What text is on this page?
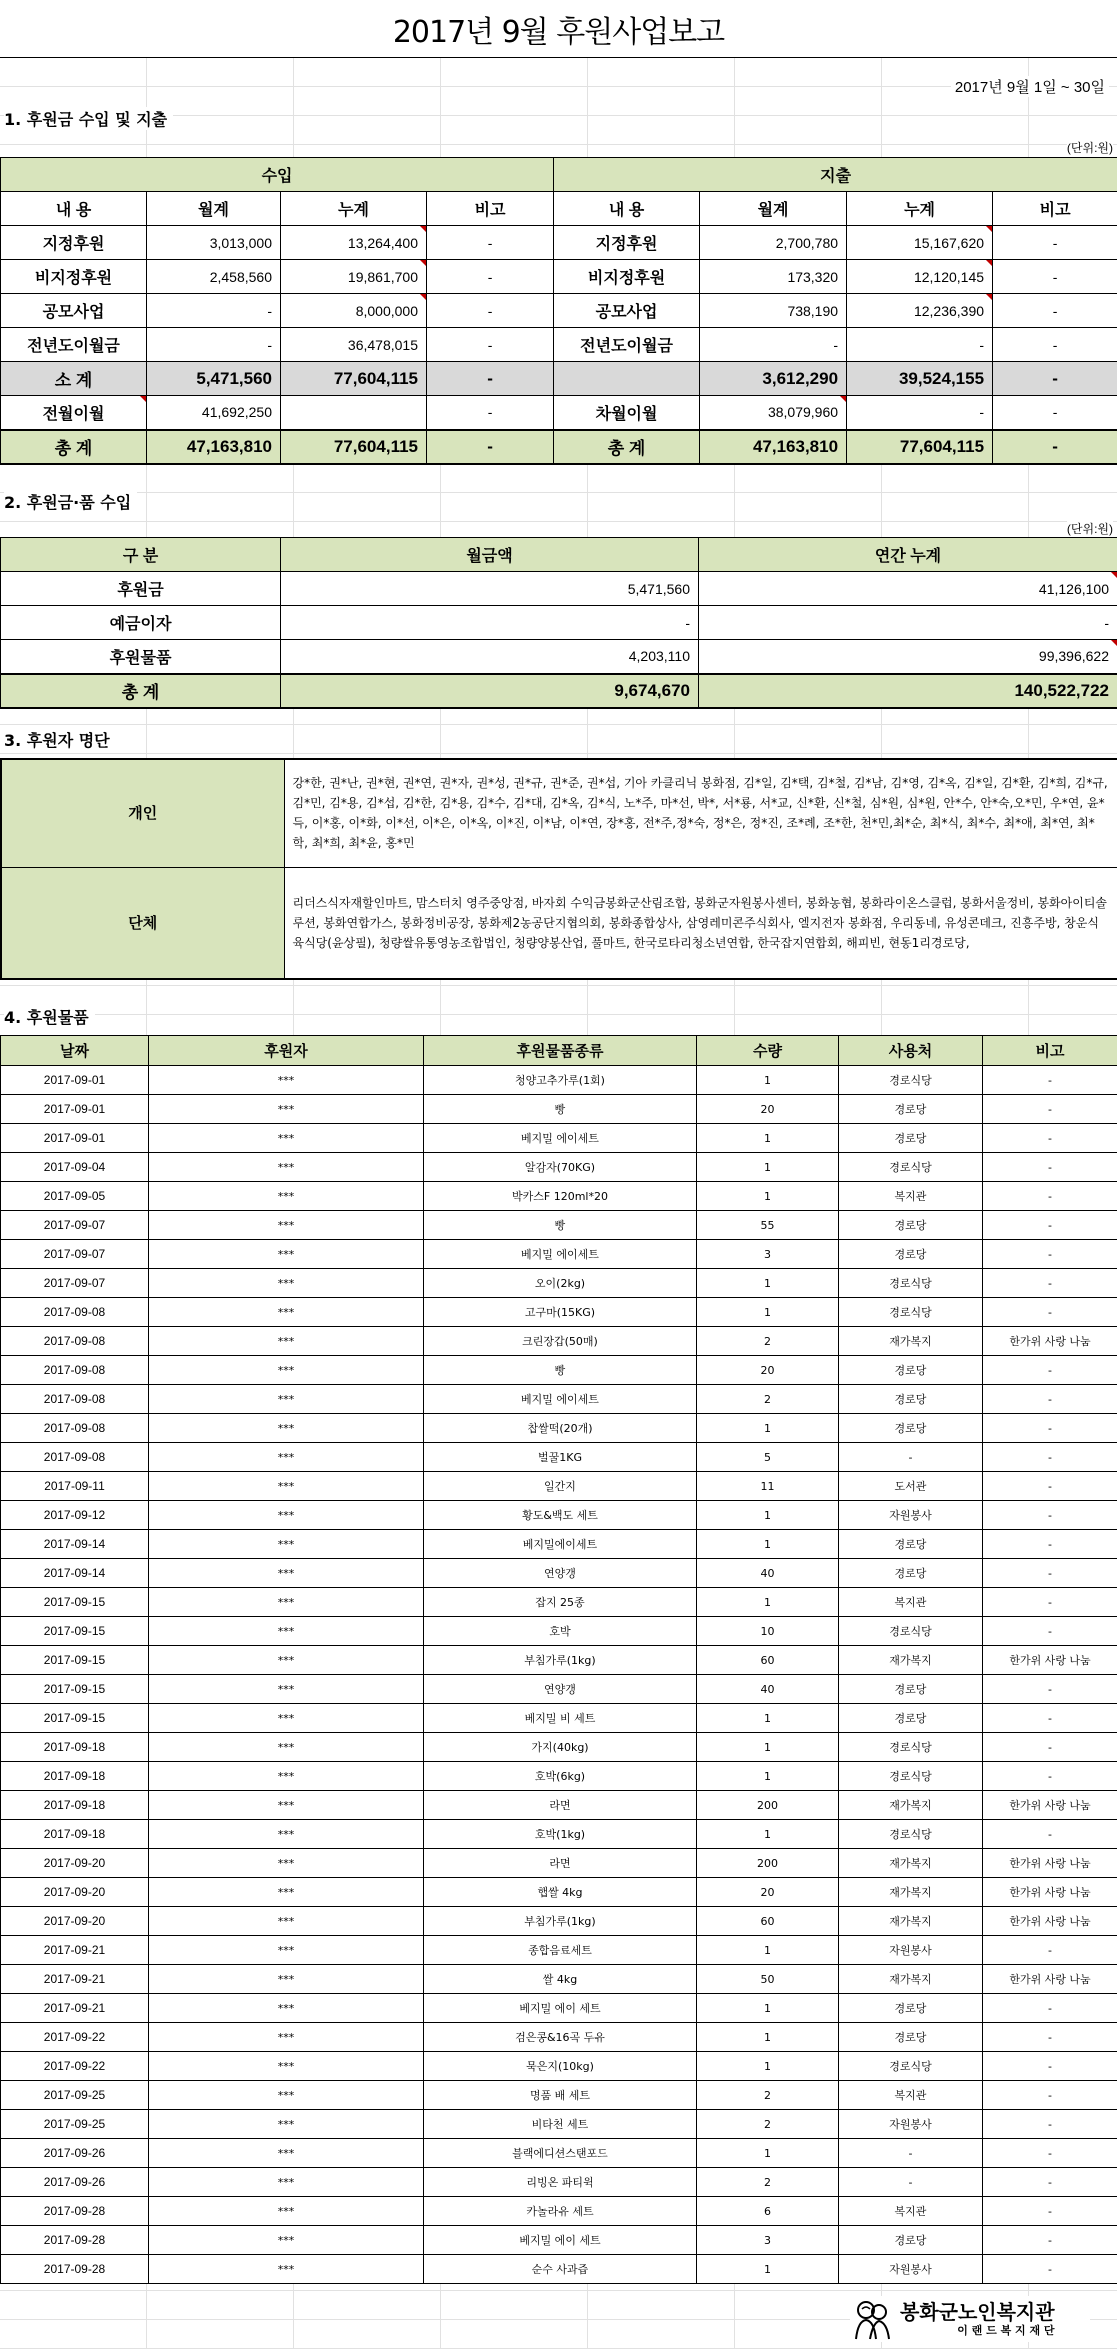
2017년 9월 후원사업보고
2017년 9월 1일 ~ 30일
1. 후원금 수입 및 지출
(단위:원)
수입				지출			
내 용	월계	누계	비고	내 용	월계	누계	비고
지정후원	3,013,000	13,264,400	-	지정후원	2,700,780	15,167,620	-
비지정후원	2,458,560	19,861,700	-	비지정후원	173,320	12,120,145	-
공모사업	-	8,000,000	-	공모사업	738,190	12,236,390	-
전년도이월금	-	36,478,015	-	전년도이월금	-	-	-
소 계	5,471,560	77,604,115	-		3,612,290	39,524,155	-
전월이월	41,692,250		-	차월이월	38,079,960	-	-
총 계	47,163,810	77,604,115	-	총 계	47,163,810	77,604,115	-
2. 후원금·품 수입
(단위:원)
구 분	월금액	연간 누계
후원금	5,471,560	41,126,100
예금이자	-	-
후원물품	4,203,110	99,396,622
총 계	9,674,670	140,522,722
3. 후원자 명단
개인	강*한, 권*난, 권*현, 권*연, 권*자, 권*성, 권*규, 권*준, 권*섭, 기아 카클리닉 봉화점, 김*일, 김*택, 김*철, 김*남, 김*영, 김*옥, 김*일, 김*환, 김*희, 김*규, 김*민, 김*용, 김*섭, 김*한, 김*용, 김*수, 김*대, 김*옥, 김*식, 노*주, 마*선, 박*, 서*룡, 서*교, 신*환, 신*철, 심*원, 심*원, 안*수, 안*숙,오*민, 우*연, 윤*득, 이*홍, 이*화, 이*선, 이*은, 이*옥, 이*진, 이*남, 이*연, 장*홍, 전*주,정*숙, 정*은, 정*진, 조*례, 조*한, 천*민,최*순, 최*식, 최*수, 최*애, 최*연, 최*학, 최*희, 최*윤, 홍*민
단체	리더스식자재할인마트, 맘스터치 영주중앙점, 바자회 수익금봉화군산림조합, 봉화군자원봉사센터, 봉화농협, 봉화라이온스클럽, 봉화서울정비, 봉화아이티솔루션, 봉화연합가스, 봉화정비공장, 봉화제2농공단지협의회, 봉화종합상사, 삼영레미콘주식회사, 엘지전자 봉화점, 우리동네, 유성콘데크, 진흥주방, 창운식육식당(윤상필), 청량쌀유통영농조합법인, 청량양봉산업, 풀마트, 한국로타리청소년연합, 한국잡지연합회, 해피빈, 현동1리경로당,
4. 후원물품
날짜	후원자	후원물품종류	수량	사용처	비고
2017-09-01	***	청양고추가루(1회)	1	경로식당	-
2017-09-01	***	빵	20	경로당	-
2017-09-01	***	베지밀 에이세트	1	경로당	-
2017-09-04	***	알감자(70KG)	1	경로식당	-
2017-09-05	***	박카스F 120ml*20	1	복지관	-
2017-09-07	***	빵	55	경로당	-
2017-09-07	***	베지밀 에이세트	3	경로당	-
2017-09-07	***	오이(2kg)	1	경로식당	-
2017-09-08	***	고구마(15KG)	1	경로식당	-
2017-09-08	***	크린장갑(50매)	2	재가복지	한가위 사랑 나눔
2017-09-08	***	빵	20	경로당	-
2017-09-08	***	베지밀 에이세트	2	경로당	-
2017-09-08	***	찹쌀떡(20개)	1	경로당	-
2017-09-08	***	벌꿀1KG	5	-	-
2017-09-11	***	일간지	11	도서관	-
2017-09-12	***	황도&백도 세트	1	자원봉사	-
2017-09-14	***	베지밀에이세트	1	경로당	-
2017-09-14	***	연양갱	40	경로당	-
2017-09-15	***	잡지 25종	1	복지관	-
2017-09-15	***	호박	10	경로식당	-
2017-09-15	***	부침가루(1kg)	60	재가복지	한가위 사랑 나눔
2017-09-15	***	연양갱	40	경로당	-
2017-09-15	***	베지밀 비 세트	1	경로당	-
2017-09-18	***	가지(40kg)	1	경로식당	-
2017-09-18	***	호박(6kg)	1	경로식당	-
2017-09-18	***	라면	200	재가복지	한가위 사랑 나눔
2017-09-18	***	호박(1kg)	1	경로식당	-
2017-09-20	***	라면	200	재가복지	한가위 사랑 나눔
2017-09-20	***	햅쌀 4kg	20	재가복지	한가위 사랑 나눔
2017-09-20	***	부침가루(1kg)	60	재가복지	한가위 사랑 나눔
2017-09-21	***	종합음료세트	1	자원봉사	-
2017-09-21	***	쌀 4kg	50	재가복지	한가위 사랑 나눔
2017-09-21	***	베지밀 에이 세트	1	경로당	-
2017-09-22	***	검은콩&16곡 두유	1	경로당	-
2017-09-22	***	묵은지(10kg)	1	경로식당	-
2017-09-25	***	명품 배 세트	2	복지관	-
2017-09-25	***	비타천 세트	2	자원봉사	-
2017-09-26	***	블랙에디션스탠포드	1	-	-
2017-09-26	***	리빙온 파티윅	2	-	-
2017-09-28	***	카놀라유 세트	6	복지관	-
2017-09-28	***	베지밀 에이 세트	3	경로당	-
2017-09-28	***	순수 사과즙	1	자원봉사	-
봉화군노인복지관
이 랜 드 복 지 재 단
